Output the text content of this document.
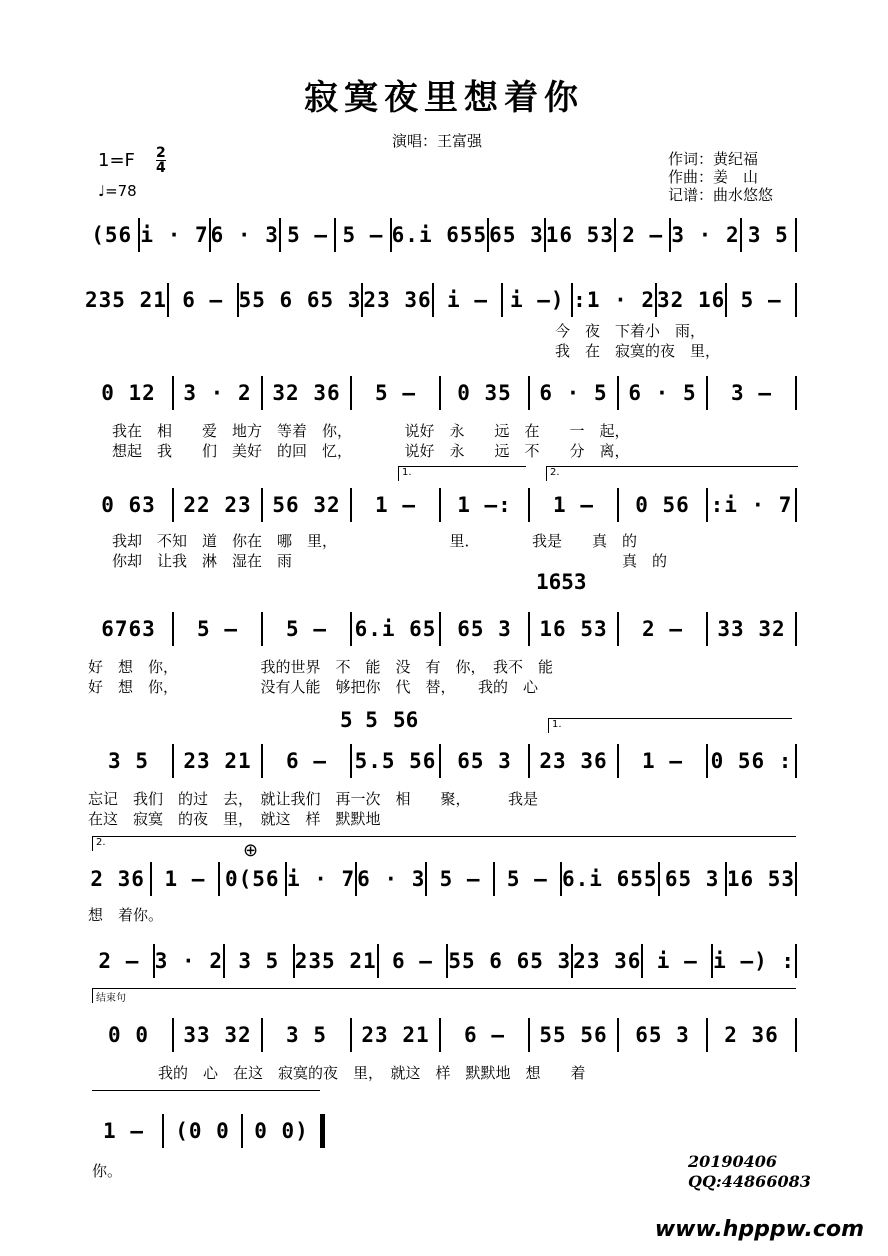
寂寞夜里想着你
演唱：王富强
1=F 2
4
♩=78
作词：黄纪福
作曲：姜　山
记谱：曲水悠悠
(56 i · 7 6 · 3 5 – 5 – 6.i 655 65 3 16 53 2 – 3 · 2 3 5
235 21 6 – 55 6 65 3 23 36 i –	i –) :1 · 2 32 16 5 –
今　夜　下着小　雨，
我　在　寂寞的夜　里，
0 12	3 · 2 32 36	5 –	0 35	6 · 5 6 · 5	3 –
我在　相　　爱　地方　等着　你，　　　　说好　永　　远　在　　一　起，
想起　我　　们　美好　的回　忆，　　　　说好　永　　远　不　　分　离，
1.	2.
0 63	22 23 56 32	1 –	1 –:	1 –	0 56 :i · 7
我却　不知　道　你在　哪　里，　　　　　　　　里．　　　　我是　　真　的
你却　让我　淋　湿在　雨　　　　　　　　　　　　　　　　　　　　　　真　的
1653
6763	5 –	5 –	6.i 65 65 3	16 53	2 –	33 32
好　想　你，　　　　　　我的世界　不　能　没　有　你，　我不　能
好　想　你，　　　　　　没有人能　够把你　代　替，　　我的　心
5 5 56	1.
3 5	23 21	6 –	5.5 56 65 3	23 36	1 –	0 56 :
忘记　我们　的过　去，　就让我们　再一次　相　　聚，　　　我是
在这　寂寞　的夜　里，　就这　样　默默地
2.	⊕
2 36 1 – 0(56 i · 7 6 · 3 5 –	5 – 6.i 655 65 3 16 53
想　着你。
2 – 3 · 2 3 5 235 21 6 – 55 6 65 3 23 36 i – i –) :
结束句
0 0	33 32	3 5	23 21	6 –	55 56	65 3	2 36
我的　心　在这　寂寞的夜　里，　就这　样　默默地　想　　着
1 –	(0 0	0 0)
你。	20190406
QQ:44866083
www.hpppw.com
